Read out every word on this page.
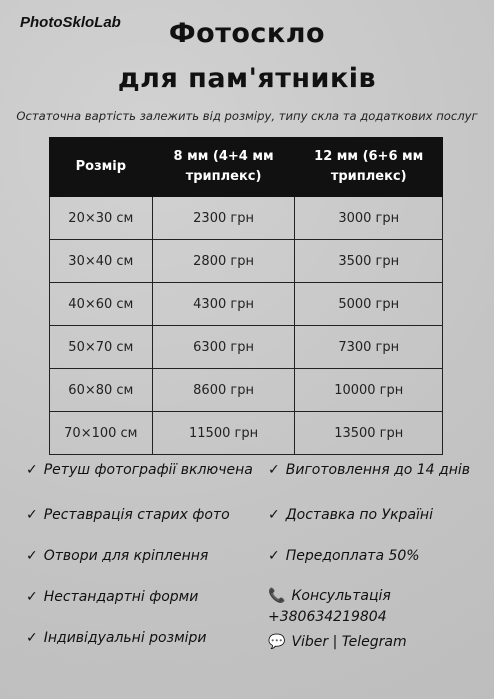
PhotoSkloLab	Фотоскло
для пам'ятників
Остаточна вартість залежить від розміру, типу скла та додаткових послуг
Розмір	8 мм (4+4 мм триплекс)	12 мм (6+6 мм триплекс)
20×30 см	2300 грн	3000 грн
30×40 см	2800 грн	3500 грн
40×60 см	4300 грн	5000 грн
50×70 см	6300 грн	7300 грн
60×80 см	8600 грн	10000 грн
70×100 см	11500 грн	13500 грн
✓ Ретуш фотографії включена
✓ Реставрація старих фото
✓ Отвори для кріплення
✓ Нестандартні форми
✓ Індивідуальні розміри
✓ Виготовлення до 14 днів
✓ Доставка по Україні
✓ Передоплата 50%
📞 Консультація
+380634219804
💬 Viber | Telegram
